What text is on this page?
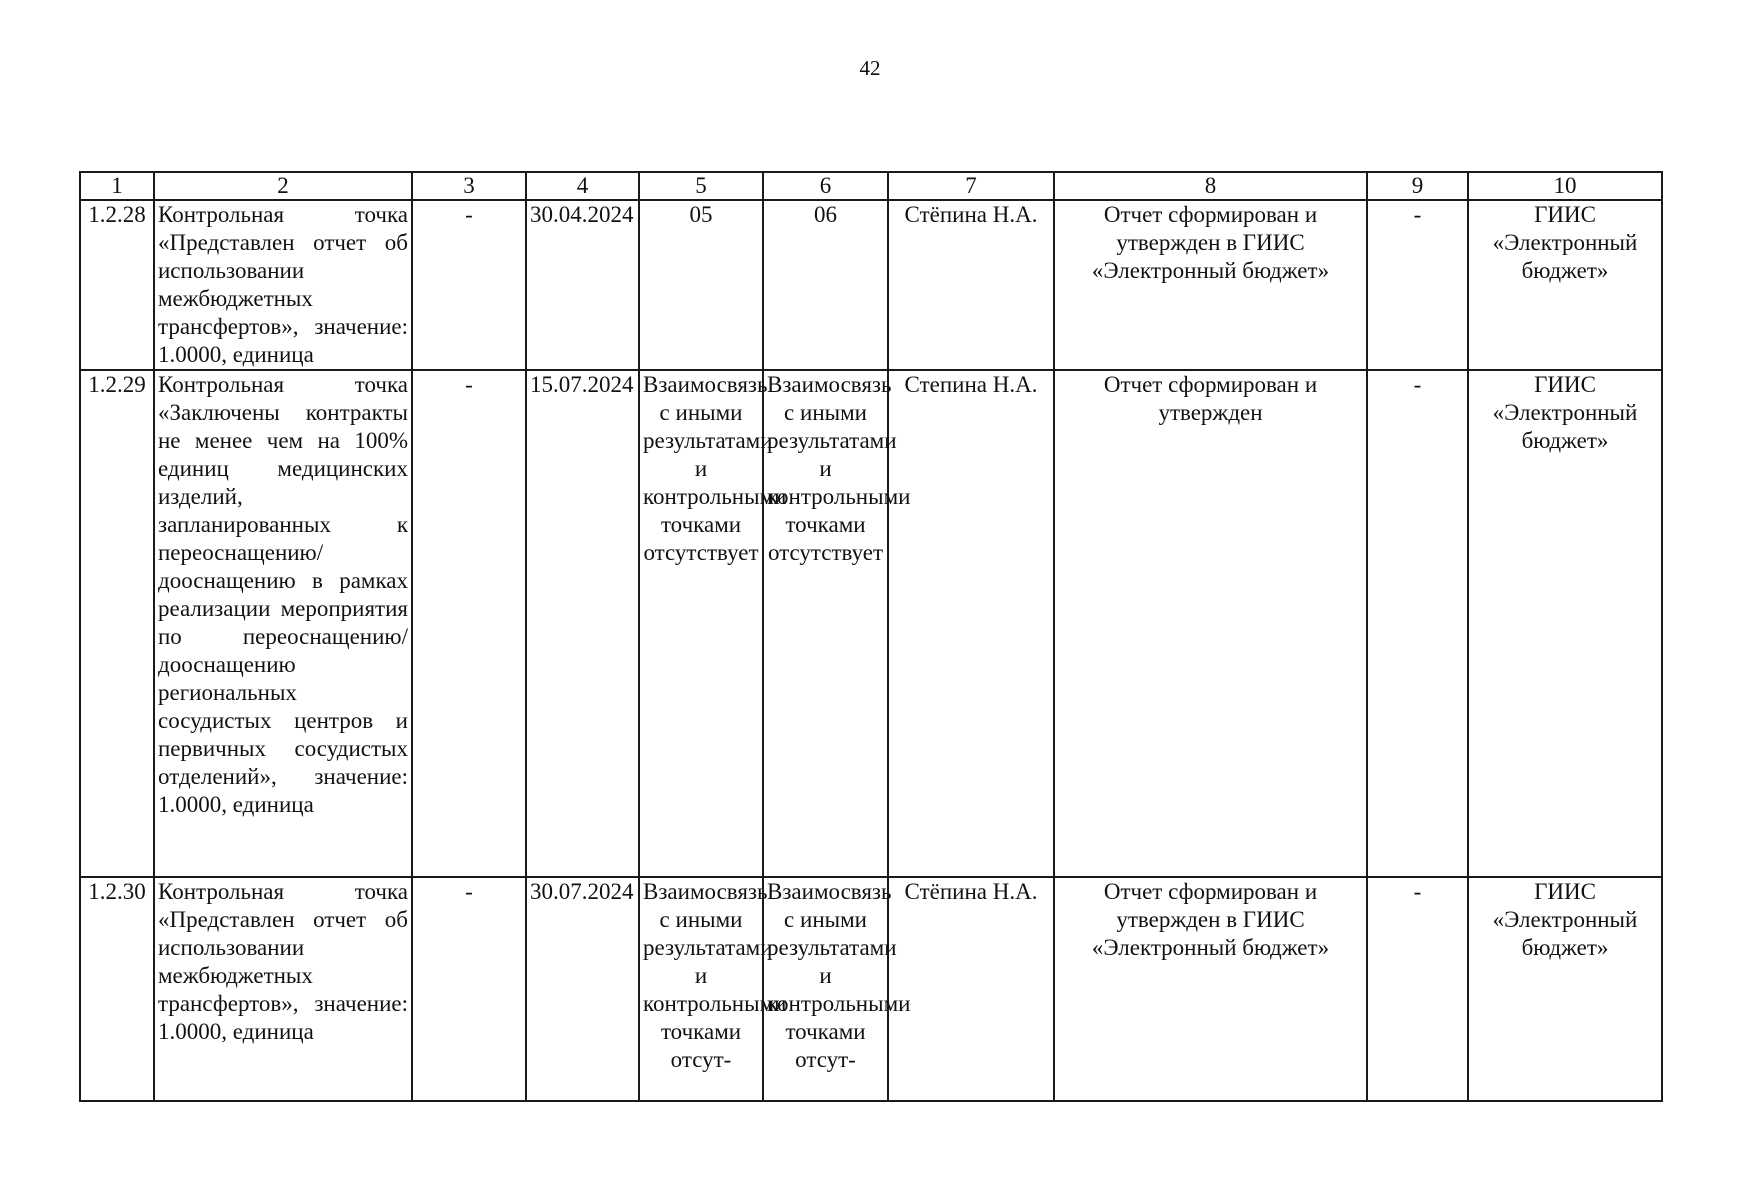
42
1	2	3	4	5	6	7	8	9	10
1.2.28	Контрольная точка «Представлен отчет об использовании межбюджетных трансфертов», значение: 1.0000, единица	-	30.04.2024	05	06	Стёпина Н.А.	Отчет сформирован и утвержден в ГИИС «Электронный бюджет»	-	ГИИС «Электронный бюджет»
1.2.29	Контрольная точка «Заключены контракты не менее чем на 100% единиц медицинских изделий, запланированных к переоснащению/дооснащению в рамках реализации мероприятия по переоснащению/дооснащению региональных сосудистых центров и первичных сосудистых отделений», значение: 1.0000, единица	-	15.07.2024	Взаимосвязь с иными результатами и контрольными точками отсутствует	Взаимосвязь с иными результатами и контрольными точками отсутствует	Степина Н.А.	Отчет сформирован и утвержден	-	ГИИС «Электронный бюджет»
1.2.30	Контрольная точка «Представлен отчет об использовании межбюджетных трансфертов», значение: 1.0000, единица	-	30.07.2024	Взаимосвязь с иными результатами и контрольными точками отсут-	Взаимосвязь с иными результатами и контрольными точками отсут-	Стёпина Н.А.	Отчет сформирован и утвержден в ГИИС «Электронный бюджет»	-	ГИИС «Электронный бюджет»
